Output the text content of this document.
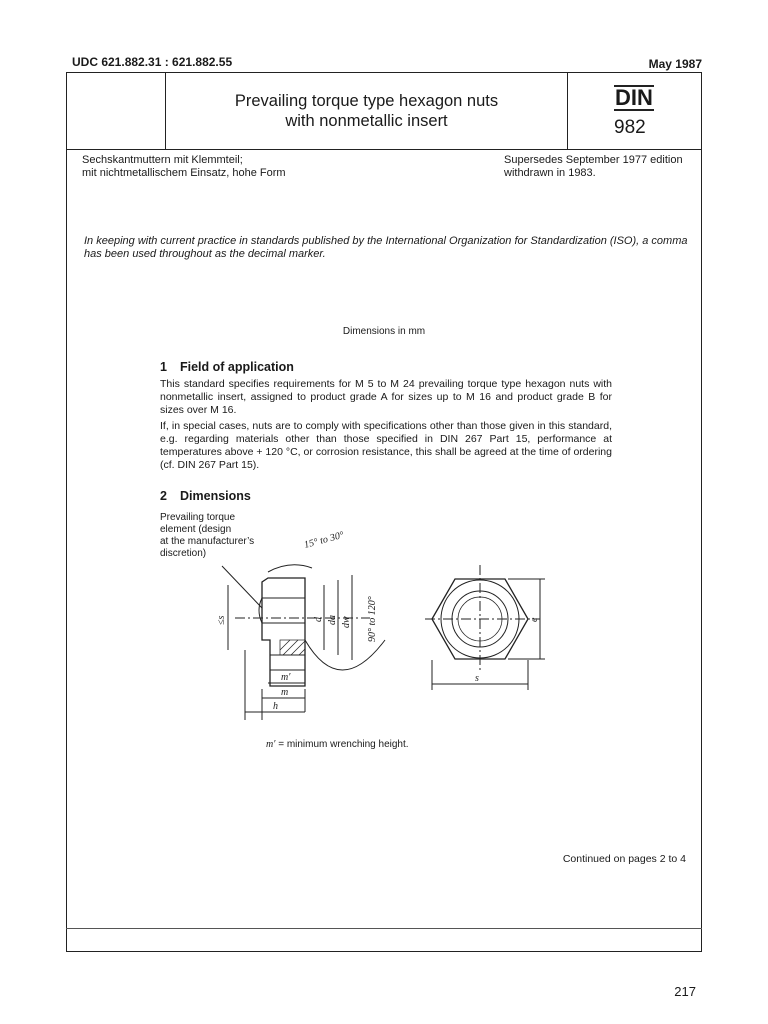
UDC 621.882.31 : 621.882.55	May 1987
Prevailing torque type hexagon nuts
with nonmetallic insert
DIN
982
Sechskantmuttern mit Klemmteil;
mit nichtmetallischem Einsatz, hohe Form
Supersedes September 1977 edition
withdrawn in 1983.
In keeping with current practice in standards published by the International Organization for Standardization (ISO), a comma has been used throughout as the decimal marker.
Dimensions in mm
1 Field of application
This standard specifies requirements for M 5 to M 24 prevailing torque type hexagon nuts with nonmetallic insert, assigned to product grade A for sizes up to M 16 and product grade B for sizes over M 16.
If, in special cases, nuts are to comply with specifications other than those given in this standard, e.g. regarding materials other than those specified in DIN 267 Part 15, performance at temperatures above + 120 °C, or corrosion resistance, this shall be agreed at the time of ordering (cf. DIN 267 Part 15).
2 Dimensions
Prevailing torque
element (design
at the manufacturer’s
discretion)
15° to 30°
90° to 120°
≤s	d da dw
m′
m
h
s
e
m′ = minimum wrenching height.
Continued on pages 2 to 4
217
